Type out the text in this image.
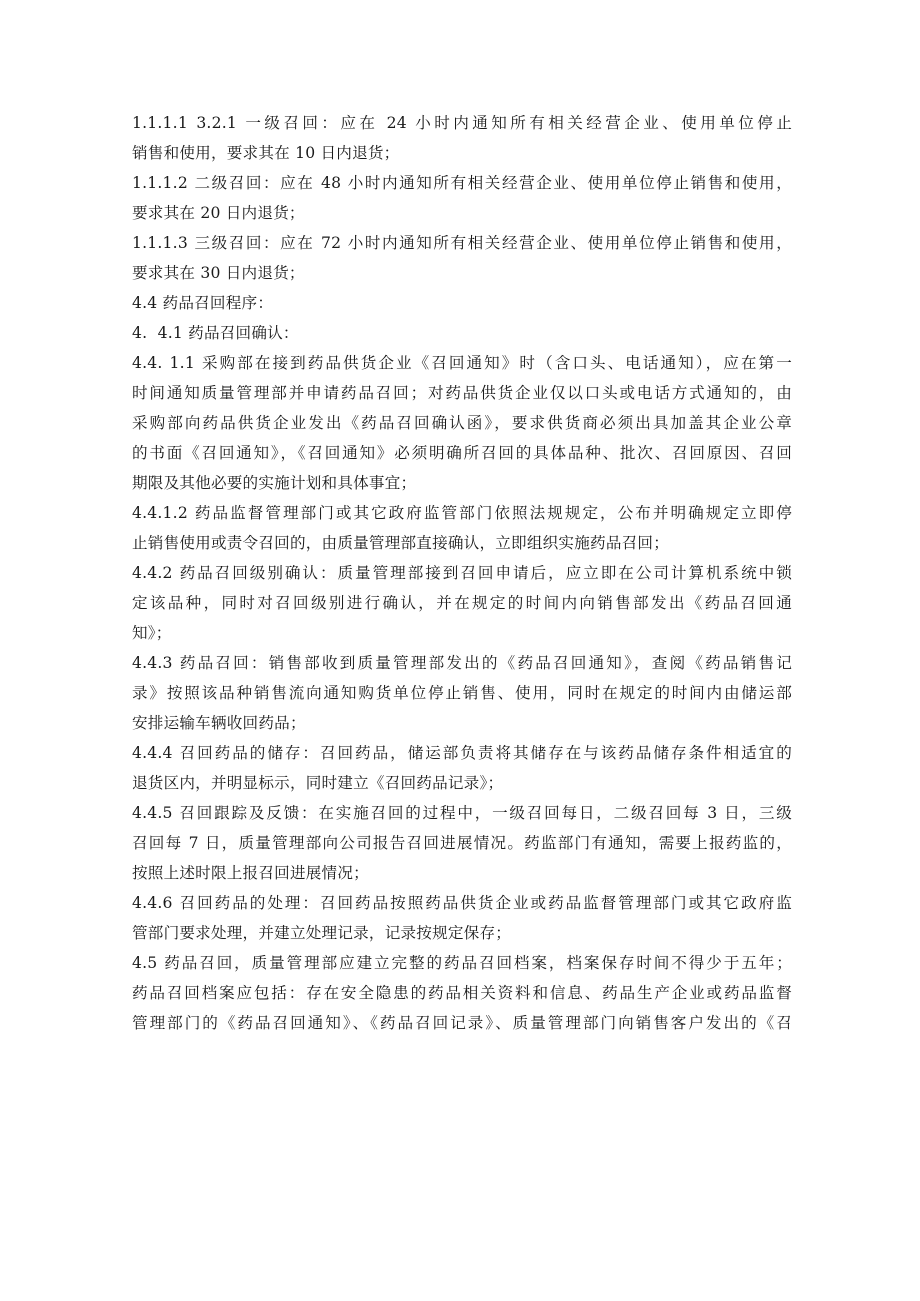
1.1.1.1 3.2.1 一级召回：应在 24 小时内通知所有相关经营企业、使用单位停止
销售和使用，要求其在 10 日内退货；
1.1.1.2 二级召回：应在 48 小时内通知所有相关经营企业、使用单位停止销售和使用，
要求其在 20 日内退货；
1.1.1.3 三级召回：应在 72 小时内通知所有相关经营企业、使用单位停止销售和使用，
要求其在 30 日内退货；
4.4 药品召回程序：
4.  4.1 药品召回确认：
4.4. 1.1 采购部在接到药品供货企业《召回通知》时（含口头、电话通知），应在第一
时间通知质量管理部并申请药品召回；对药品供货企业仅以口头或电话方式通知的，由
采购部向药品供货企业发出《药品召回确认函》，要求供货商必须出具加盖其企业公章
的书面《召回通知》，《召回通知》必须明确所召回的具体品种、批次、召回原因、召回
期限及其他必要的实施计划和具体事宜；
4.4.1.2 药品监督管理部门或其它政府监管部门依照法规规定，公布并明确规定立即停
止销售使用或责令召回的，由质量管理部直接确认，立即组织实施药品召回；
4.4.2 药品召回级别确认：质量管理部接到召回申请后，应立即在公司计算机系统中锁
定该品种，同时对召回级别进行确认，并在规定的时间内向销售部发出《药品召回通
知》；
4.4.3 药品召回：销售部收到质量管理部发出的《药品召回通知》，查阅《药品销售记
录》按照该品种销售流向通知购货单位停止销售、使用，同时在规定的时间内由储运部
安排运输车辆收回药品；
4.4.4 召回药品的储存：召回药品，储运部负责将其储存在与该药品储存条件相适宜的
退货区内，并明显标示，同时建立《召回药品记录》；
4.4.5 召回跟踪及反馈：在实施召回的过程中，一级召回每日，二级召回每 3 日，三级
召回每 7 日，质量管理部向公司报告召回进展情况。药监部门有通知，需要上报药监的，
按照上述时限上报召回进展情况；
4.4.6 召回药品的处理：召回药品按照药品供货企业或药品监督管理部门或其它政府监
管部门要求处理，并建立处理记录，记录按规定保存；
4.5 药品召回，质量管理部应建立完整的药品召回档案，档案保存时间不得少于五年；
药品召回档案应包括：存在安全隐患的药品相关资料和信息、药品生产企业或药品监督
管理部门的《药品召回通知》、《药品召回记录》、质量管理部门向销售客户发出的《召
